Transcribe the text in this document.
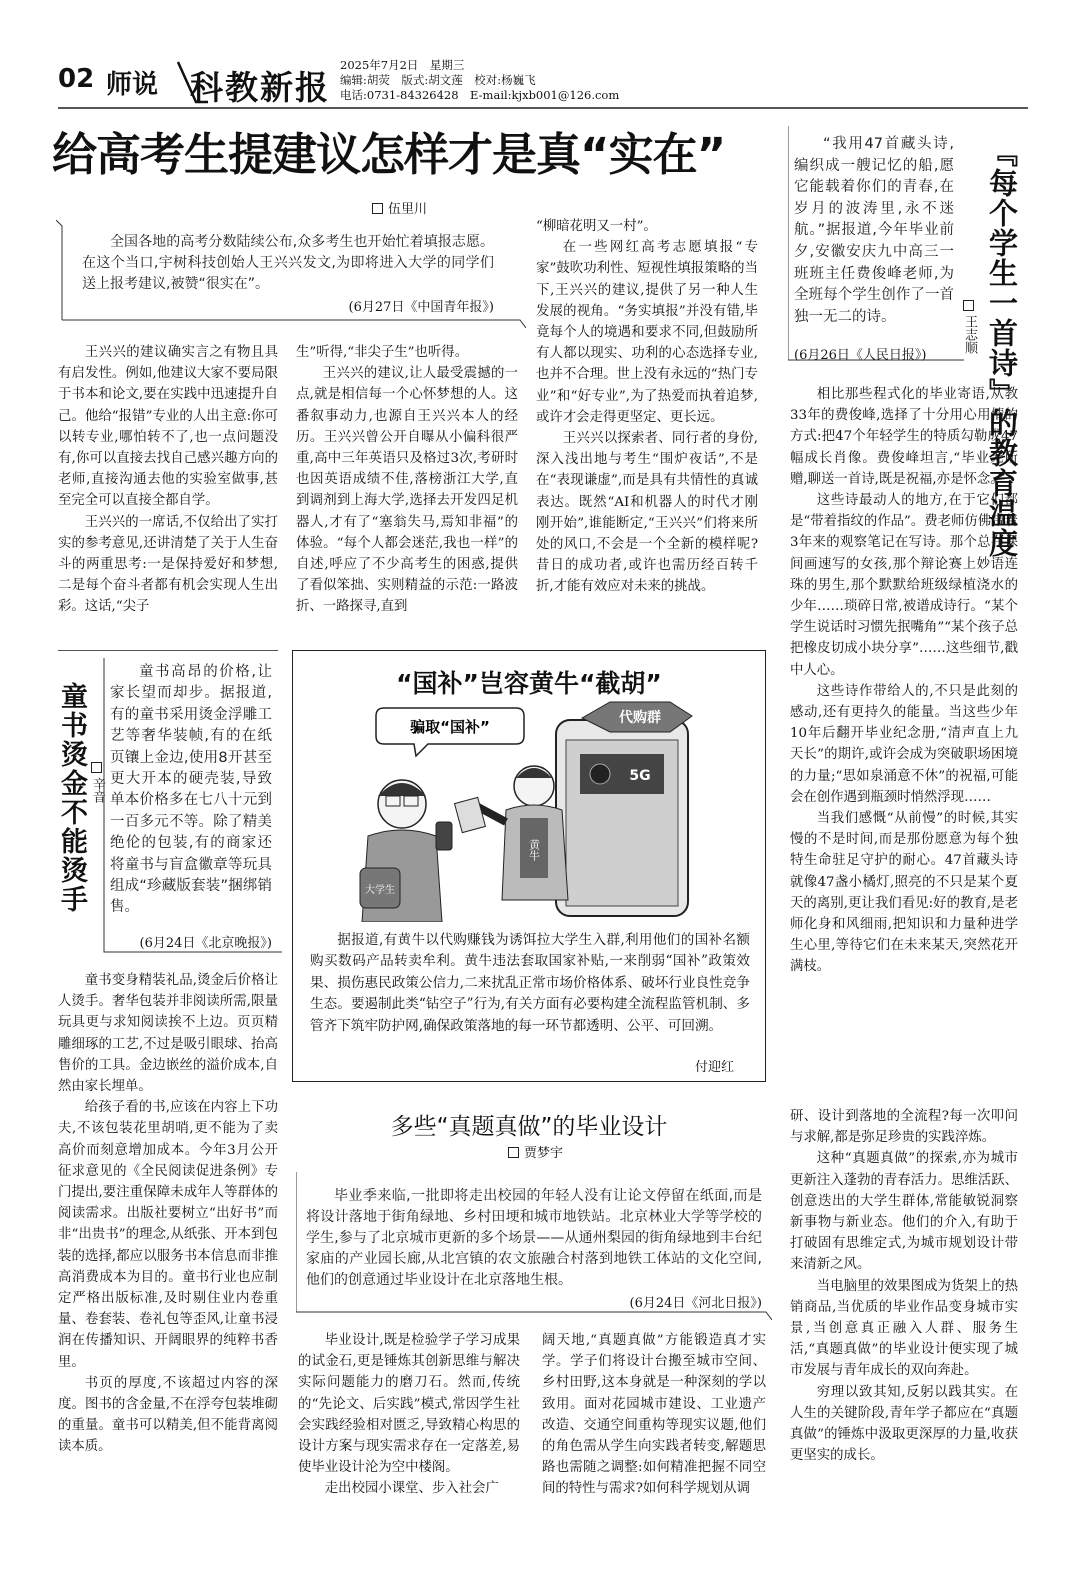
02 师说 科教新报
2025年7月2日　星期三
编辑:胡荧　版式:胡文莲　校对:杨巍飞
电话:0731-84326428　E-mail:kjxb001@126.com
给高考生提建议怎样才是真“实在”
伍里川

全国各地的高考分数陆续公布,众多考生也开始忙着填报志愿。在这个当口,宇树科技创始人王兴兴发文,为即将进入大学的同学们送上报考建议,被赞“很实在”。

(6月27日《中国青年报》)

王兴兴的建议确实言之有物且具有启发性。例如,他建议大家不要局限于书本和论文,要在实践中迅速提升自己。他给“报错”专业的人出主意:你可以转专业,哪怕转不了,也一点问题没有,你可以直接去找自己感兴趣方向的老师,直接沟通去他的实验室做事,甚至完全可以直接全都自学。

王兴兴的一席话,不仅给出了实打实的参考意见,还讲清楚了关于人生奋斗的两重思考:一是保持爱好和梦想,二是每个奋斗者都有机会实现人生出彩。这话,“尖子

生”听得,“非尖子生”也听得。

王兴兴的建议,让人最受震撼的一点,就是相信每一个心怀梦想的人。这番叙事动力,也源自王兴兴本人的经历。王兴兴曾公开自曝从小偏科很严重,高中三年英语只及格过3次,考研时也因英语成绩不佳,落榜浙江大学,直到调剂到上海大学,选择去开发四足机器人,才有了“塞翁失马,焉知非福”的体验。“每个人都会迷茫,我也一样”的自述,呼应了不少高考生的困惑,提供了看似笨拙、实则精益的示范:一路波折、一路探寻,直到

“柳暗花明又一村”。

在一些网红高考志愿填报“专家”鼓吹功利性、短视性填报策略的当下,王兴兴的建议,提供了另一种人生发展的视角。“务实填报”并没有错,毕竟每个人的境遇和要求不同,但鼓励所有人都以现实、功利的心态选择专业,也并不合理。世上没有永远的“热门专业”和“好专业”,为了热爱而执着追梦,或许才会走得更坚定、更长远。

王兴兴以探索者、同行者的身份,深入浅出地与考生“围炉夜话”,不是在“表现谦虚”,而是具有共情性的真诚表达。既然“AI和机器人的时代才刚刚开始”,谁能断定,“王兴兴”们将来所处的风口,不会是一个全新的模样呢?昔日的成功者,或许也需历经百转千折,才能有效应对未来的挑战。

“我用47首藏头诗,编织成一艘记忆的船,愿它能载着你们的青春,在岁月的波涛里,永不迷航。”据报道,今年毕业前夕,安徽安庆九中高三一班班主任费俊峰老师,为全班每个学生创作了一首独一无二的诗。

(6月26日《人民日报》)	『每个学生一首诗』的教育温度
王志顺

相比那些程式化的毕业寄语,从教33年的费俊峰,选择了十分用心用情的方式:把47个年轻学生的特质勾勒成47幅成长肖像。费俊峰坦言,“毕业无所赠,聊送一首诗,既是祝福,亦是怀念。”

这些诗最动人的地方,在于它们都是“带着指纹的作品”。费老师仿佛带着3年来的观察笔记在写诗。那个总在课间画速写的女孩,那个辩论赛上妙语连珠的男生,那个默默给班级绿植浇水的少年……琐碎日常,被谱成诗行。“某个学生说话时习惯先抿嘴角”“某个孩子总把橡皮切成小块分享”……这些细节,戳中人心。

这些诗作带给人的,不只是此刻的感动,还有更持久的能量。当这些少年10年后翻开毕业纪念册,“清声直上九天长”的期许,或许会成为突破职场困境的力量;“思如泉涌意不休”的祝福,可能会在创作遇到瓶颈时悄然浮现……

当我们感慨“从前慢”的时候,其实慢的不是时间,而是那份愿意为每个独特生命驻足守护的耐心。47首藏头诗就像47盏小橘灯,照亮的不只是某个夏天的离别,更让我们看见:好的教育,是老师化身和风细雨,把知识和力量种进学生心里,等待它们在未来某天,突然花开满枝。

童书烫金不能烫手 辛音

童书高昂的价格,让家长望而却步。据报道,有的童书采用烫金浮雕工艺等奢华装帧,有的在纸页镶上金边,使用8开甚至更大开本的硬壳装,导致单本价格多在七八十元到一百多元不等。除了精美绝伦的包装,有的商家还将童书与盲盒徽章等玩具组成“珍藏版套装”捆绑销售。

(6月24日《北京晚报》)

童书变身精装礼品,烫金后价格让人烫手。奢华包装并非阅读所需,限量玩具更与求知阅读挨不上边。页页精雕细琢的工艺,不过是吸引眼球、抬高售价的工具。金边嵌丝的溢价成本,自然由家长埋单。

给孩子看的书,应该在内容上下功夫,不该包装花里胡哨,更不能为了卖高价而刻意增加成本。今年3月公开征求意见的《全民阅读促进条例》专门提出,要注重保障未成年人等群体的阅读需求。出版社要树立“出好书”而非“出贵书”的理念,从纸张、开本到包装的选择,都应以服务书本信息而非推高消费成本为目的。童书行业也应制定严格出版标准,及时剔住业内卷重量、卷套装、卷礼包等歪风,让童书浸润在传播知识、开阔眼界的纯粹书香里。

书页的厚度,不该超过内容的深度。图书的含金量,不在浮夸包装堆砌的重量。童书可以精美,但不能背离阅读本质。

“国补”岂容黄牛“截胡”
骗取“国补”	代购群
5G
黄牛
大学生

据报道,有黄牛以代购赚钱为诱饵拉大学生入群,利用他们的国补名额购买数码产品转卖牟利。黄牛违法套取国家补贴,一来削弱“国补”政策效果、损伤惠民政策公信力,二来扰乱正常市场价格体系、破坏行业良性竞争生态。要遏制此类“钻空子”行为,有关方面有必要构建全流程监管机制、多管齐下筑牢防护网,确保政策落地的每一环节都透明、公平、可回溯。

付迎红
多些“真题真做”的毕业设计
贾梦宇

毕业季来临,一批即将走出校园的年轻人没有让论文停留在纸面,而是将设计落地于街角绿地、乡村田埂和城市地铁站。北京林业大学等学校的学生,参与了北京城市更新的多个场景——从通州梨园的街角绿地到丰台纪家庙的产业园长廊,从北宫镇的农文旅融合村落到地铁工体站的文化空间,他们的创意通过毕业设计在北京落地生根。

(6月24日《河北日报》)

毕业设计,既是检验学子学习成果的试金石,更是锤炼其创新思维与解决实际问题能力的磨刀石。然而,传统的“先论文、后实践”模式,常因学生社会实践经验相对匮乏,导致精心构思的设计方案与现实需求存在一定落差,易使毕业设计沦为空中楼阁。

走出校园小课堂、步入社会广

阔天地,“真题真做”方能锻造真才实学。学子们将设计台搬至城市空间、乡村田野,这本身就是一种深刻的学以致用。面对花园城市建设、工业遗产改造、交通空间重构等现实议题,他们的角色需从学生向实践者转变,解题思路也需随之调整:如何精准把握不同空间的特性与需求?如何科学规划从调

研、设计到落地的全流程?每一次叩问与求解,都是弥足珍贵的实践淬炼。

这种“真题真做”的探索,亦为城市更新注入蓬勃的青春活力。思维活跃、创意迭出的大学生群体,常能敏锐洞察新事物与新业态。他们的介入,有助于打破固有思维定式,为城市规划设计带来清新之风。

当电脑里的效果图成为货架上的热销商品,当优质的毕业作品变身城市实景,当创意真正融入人群、服务生活,“真题真做”的毕业设计便实现了城市发展与青年成长的双向奔赴。

穷理以致其知,反躬以践其实。在人生的关键阶段,青年学子都应在“真题真做”的锤炼中汲取更深厚的力量,收获更坚实的成长。
